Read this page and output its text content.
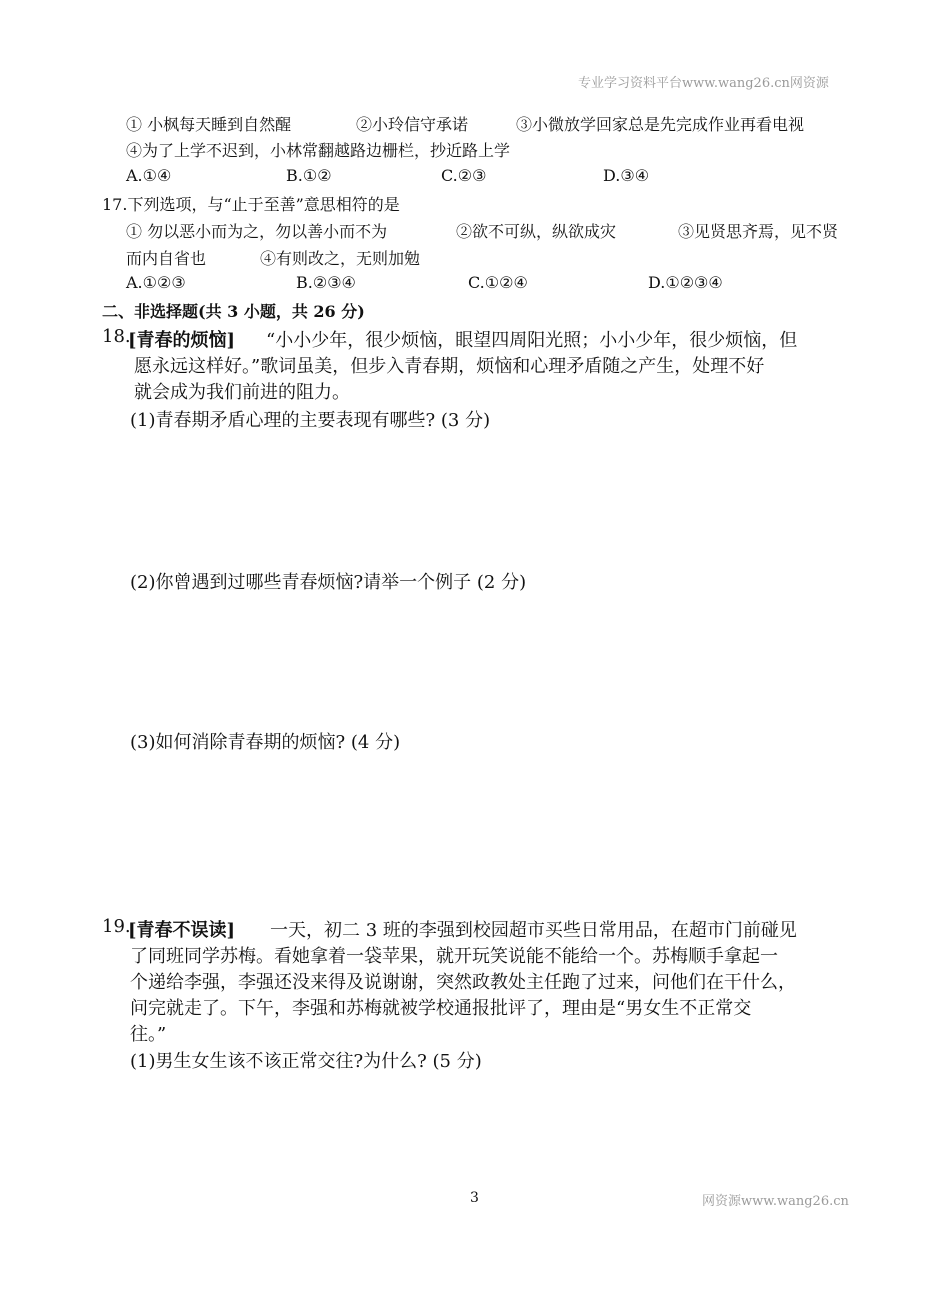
专业学习资料平台www.wang26.cn网资源
① 小枫每天睡到自然醒	②小玲信守承诺	③小微放学回家总是先完成作业再看电视
④为了上学不迟到，小林常翻越路边栅栏，抄近路上学
A.①④	B.①②	C.②③	D.③④
17.下列选项，与“止于至善”意思相符的是
① 勿以恶小而为之，勿以善小而不为	②欲不可纵，纵欲成灾	③见贤思齐焉，见不贤
而内自省也	④有则改之，无则加勉
A.①②③	B.②③④	C.①②④	D.①②③④
二、非选择题(共 3 小题，共 26 分)
18.
[青春的烦恼] “小小少年，很少烦恼，眼望四周阳光照；小小少年，很少烦恼，但
愿永远这样好。”歌词虽美，但步入青春期，烦恼和心理矛盾随之产生，处理不好
就会成为我们前进的阻力。
(1)青春期矛盾心理的主要表现有哪些? (3 分)
(2)你曾遇到过哪些青春烦恼?请举一个例子 (2 分)
(3)如何消除青春期的烦恼? (4 分)
19.
[青春不误读] 一天，初二 3 班的李强到校园超市买些日常用品，在超市门前碰见
了同班同学苏梅。看她拿着一袋苹果，就开玩笑说能不能给一个。苏梅顺手拿起一
个递给李强，李强还没来得及说谢谢，突然政教处主任跑了过来，问他们在干什么，
问完就走了。下午，李强和苏梅就被学校通报批评了，理由是“男女生不正常交
往。”
(1)男生女生该不该正常交往?为什么? (5 分)
3	网资源www.wang26.cn
